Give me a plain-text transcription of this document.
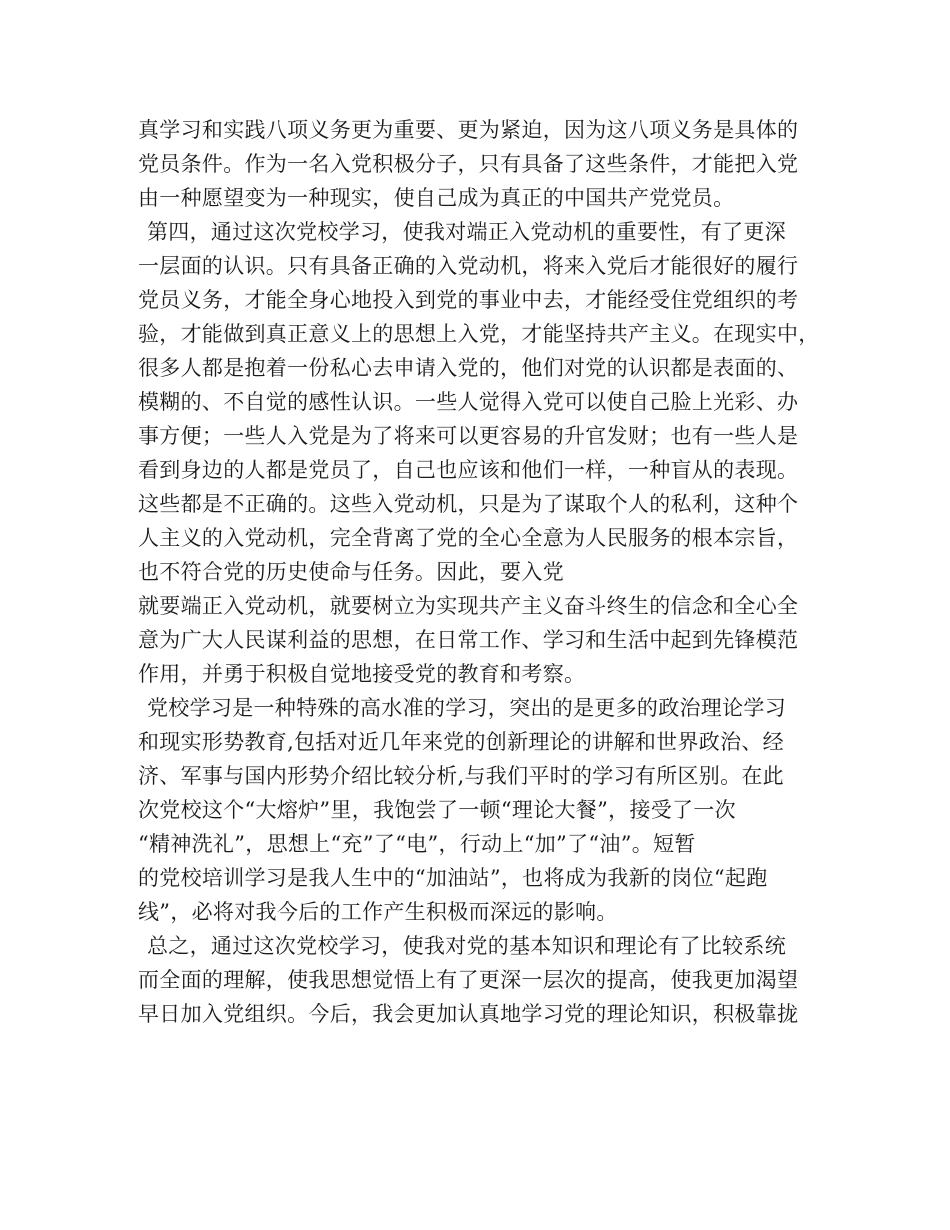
真学习和实践八项义务更为重要、更为紧迫，因为这八项义务是具体的
党员条件。作为一名入党积极分子，只有具备了这些条件，才能把入党
由一种愿望变为一种现实，使自己成为真正的中国共产党党员。
第四，通过这次党校学习，使我对端正入党动机的重要性，有了更深
一层面的认识。只有具备正确的入党动机，将来入党后才能很好的履行
党员义务，才能全身心地投入到党的事业中去，才能经受住党组织的考
验，才能做到真正意义上的思想上入党，才能坚持共产主义。在现实中，
很多人都是抱着一份私心去申请入党的，他们对党的认识都是表面的、
模糊的、不自觉的感性认识。一些人觉得入党可以使自己脸上光彩、办
事方便；一些人入党是为了将来可以更容易的升官发财；也有一些人是
看到身边的人都是党员了，自己也应该和他们一样，一种盲从的表现。
这些都是不正确的。这些入党动机，只是为了谋取个人的私利，这种个
人主义的入党动机，完全背离了党的全心全意为人民服务的根本宗旨，
也不符合党的历史使命与任务。因此，要入党
就要端正入党动机，就要树立为实现共产主义奋斗终生的信念和全心全
意为广大人民谋利益的思想，在日常工作、学习和生活中起到先锋模范
作用，并勇于积极自觉地接受党的教育和考察。
党校学习是一种特殊的高水准的学习，突出的是更多的政治理论学习
和现实形势教育,包括对近几年来党的创新理论的讲解和世界政治、经
济、军事与国内形势介绍比较分析,与我们平时的学习有所区别。在此
次党校这个“大熔炉”里，我饱尝了一顿“理论大餐”，接受了一次
“精神洗礼”，思想上“充”了“电”，行动上“加”了“油”。短暂
的党校培训学习是我人生中的“加油站”，也将成为我新的岗位“起跑
线”，必将对我今后的工作产生积极而深远的影响。
总之，通过这次党校学习，使我对党的基本知识和理论有了比较系统
而全面的理解，使我思想觉悟上有了更深一层次的提高，使我更加渴望
早日加入党组织。今后，我会更加认真地学习党的理论知识，积极靠拢
